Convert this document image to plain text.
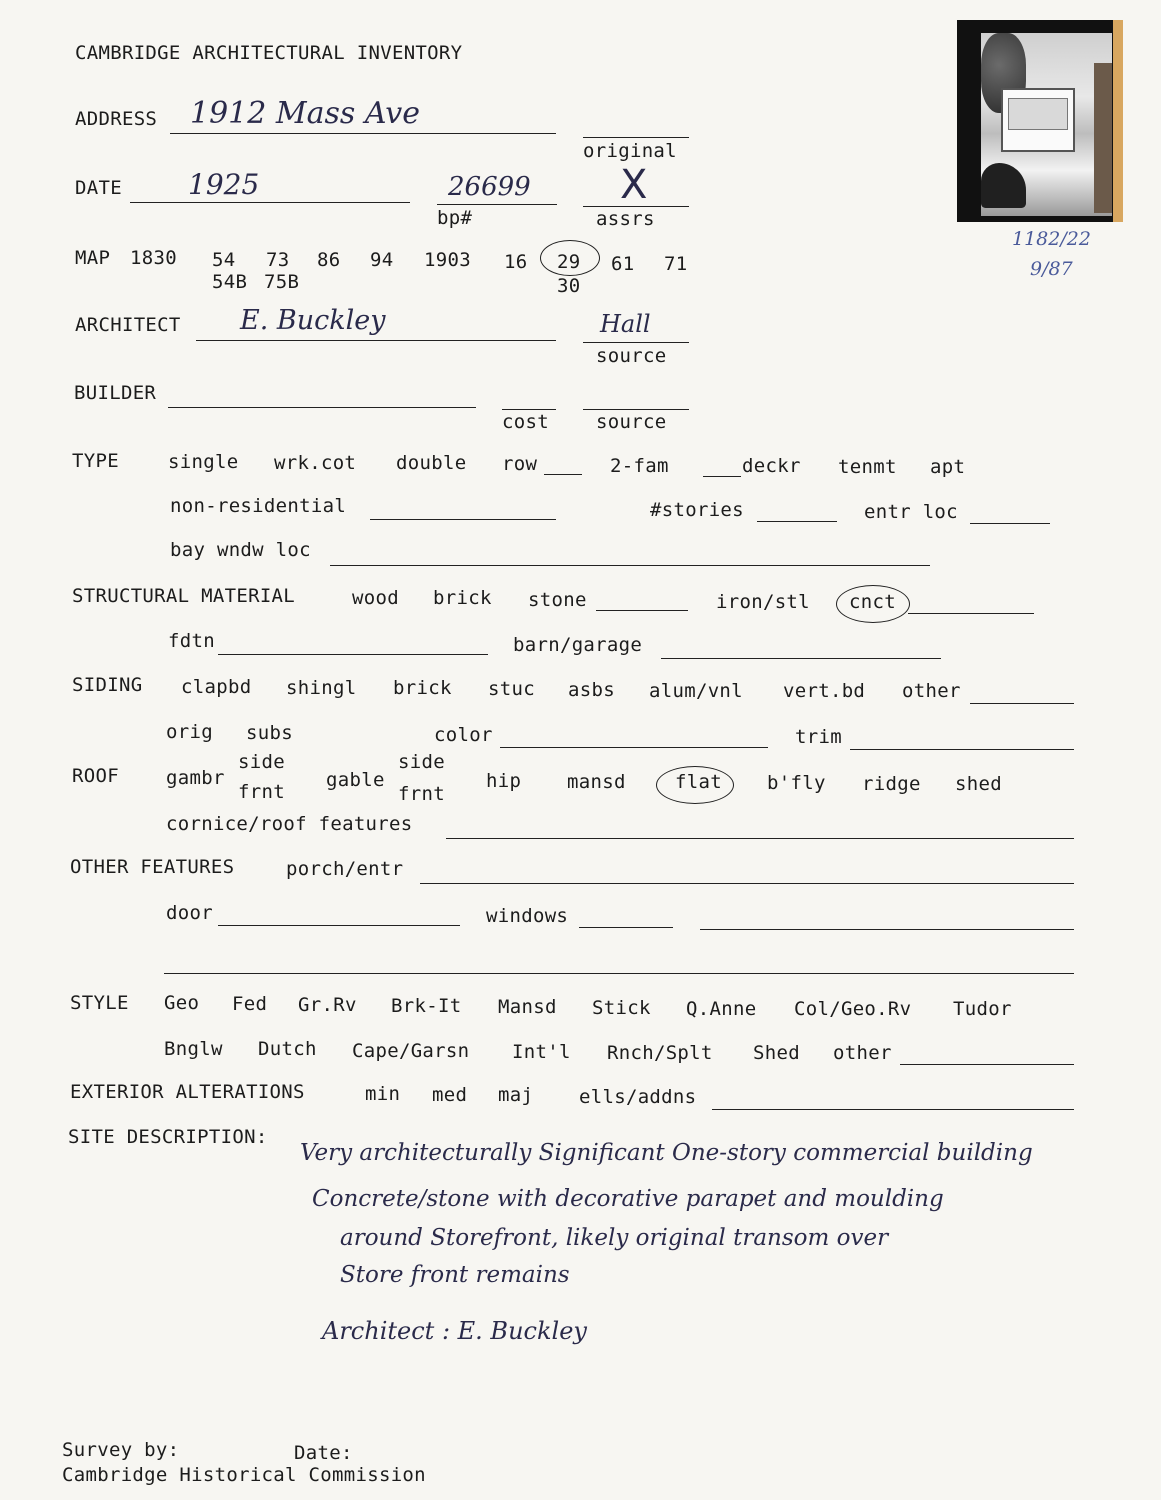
CAMBRIDGE ARCHITECTURAL INVENTORY
1182/22
9/87
ADDRESS 1912 Mass Ave
original
DATE 1925	26699
bp#
X
assrs
MAP 1830 54 73 86 94 1903 16 29 61 71
54B 75B	30
ARCHITECT E. Buckley	Hall
source
BUILDER
cost source
TYPE	single wrk.cot double row	2-fam	deckr tenmt apt
non-residential	#stories	entr loc
bay wndw loc
STRUCTURAL MATERIAL	wood brick stone	iron/stl cnct
fdtn	barn/garage
SIDING clapbd shingl brick stuc asbs alum/vnl vert.bd other
orig subs	color	trim
ROOF gambr
side
frnt
gable
side
frnt
hip mansd	flat b'fly ridge shed
cornice/roof features
OTHER FEATURES	porch/entr
door	windows
STYLE Geo Fed Gr.Rv Brk-It Mansd Stick Q.Anne Col/Geo.Rv Tudor
Bnglw Dutch Cape/Garsn Int'l Rnch/Splt Shed other
EXTERIOR ALTERATIONS	min med maj ells/addns
SITE DESCRIPTION:
Very architecturally Significant One-story commercial building
Concrete/stone with decorative parapet and moulding
around Storefront, likely original transom over
Store front remains
Architect : E. Buckley
Survey by:	Date:
Cambridge Historical Commission
